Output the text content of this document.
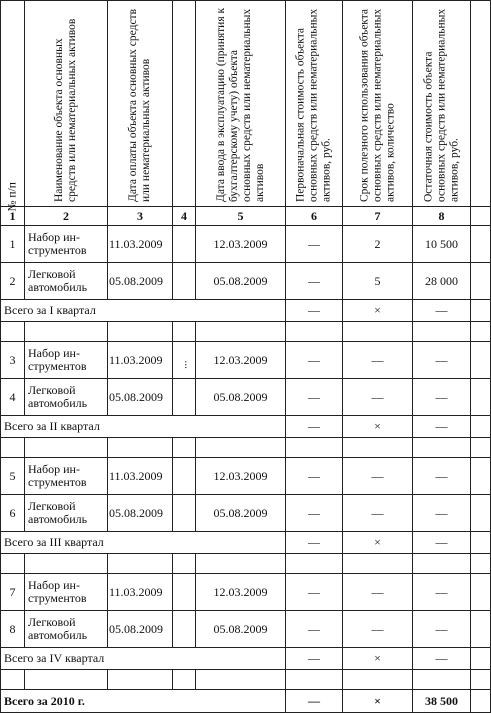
№ п/п	Наименование объекта основных средств или нематериальных активов	Дата оплаты объекта основных средств или нематериальных активов	...	Дата ввода в эксплуатацию (принятия к бухгалтерскому учету) объекта основных средств или нематериальных активов	Первоначальная стоимость объекта основных средств или нематериальных активов, руб.	Срок полезного использования объекта основных средств или нематериальных активов, количество	Остаточная стоимость объекта основных средств или нематериальных активов, руб.	

1	2	3	4	5	6	7	8	
1	Набор ин- струментов	11.03.2009		12.03.2009	—	2	10 500	
2	Легковой автомобиль	05.08.2009		05.08.2009	—	5	28 000	
Всего за I квартал					—	×	—	

3	Набор ин- струментов	11.03.2009		12.03.2009	—	—	—	
4	Легковой автомобиль	05.08.2009		05.08.2009	—	—	—	
Всего за II квартал					—	×	—	

5	Набор ин- струментов	11.03.2009		12.03.2009	—	—	—	
6	Легковой автомобиль	05.08.2009		05.08.2009	—	—	—	
Всего за III квартал					—	×	—	

7	Набор ин- струментов	11.03.2009		12.03.2009	—	—	—	
8	Легковой автомобиль	05.08.2009		05.08.2009	—	—	—	
Всего за IV квартал					—	×	—	

Всего за 2010 г.					—	×	38 500	
